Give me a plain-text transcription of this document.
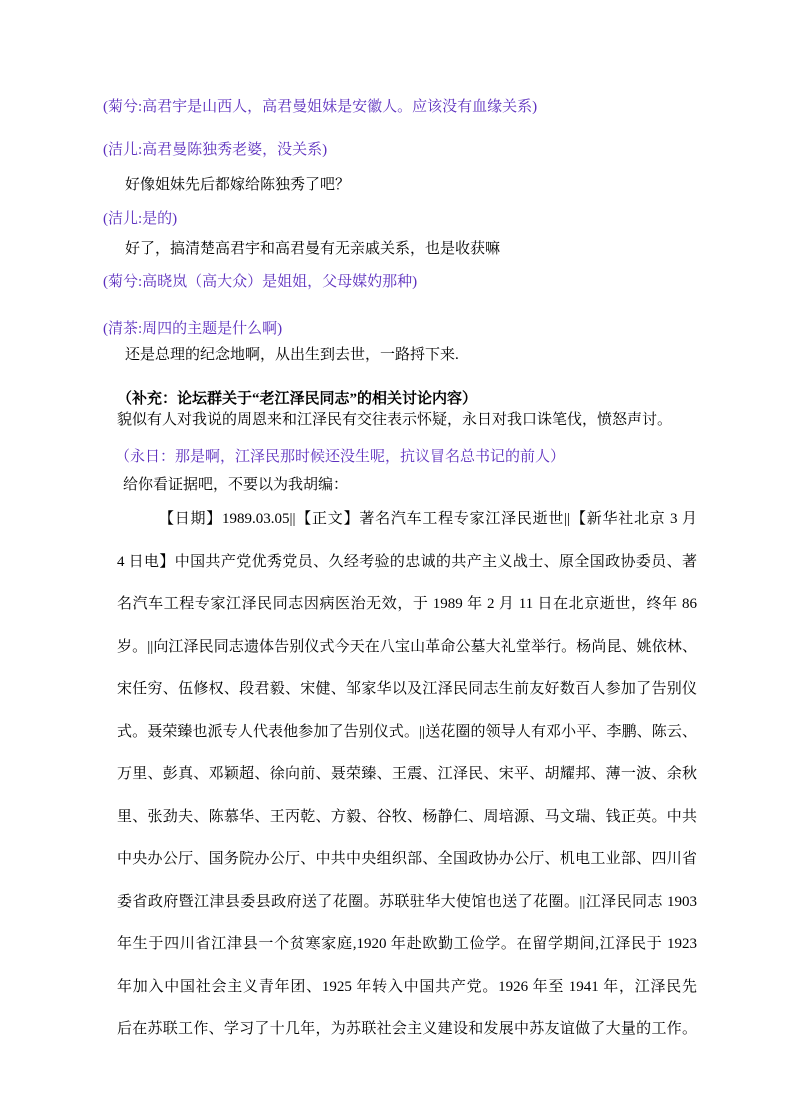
(菊兮:高君宇是山西人，高君曼姐妹是安徽人。应该没有血缘关系)
(洁儿:高君曼陈独秀老婆，没关系)
好像姐妹先后都嫁给陈独秀了吧？
(洁儿:是的)
好了，搞清楚高君宇和高君曼有无亲戚关系，也是收获嘛
(菊兮:高晓岚（高大众）是姐姐，父母媒妁那种)
(清茶:周四的主题是什么啊)
还是总理的纪念地啊，从出生到去世，一路捋下来.
（补充：论坛群关于“老江泽民同志”的相关讨论内容）
貌似有人对我说的周恩来和江泽民有交往表示怀疑，永日对我口诛笔伐，愤怒声讨。
（永日：那是啊，江泽民那时候还没生呢，抗议冒名总书记的前人）
给你看证据吧，不要以为我胡编：
【日期】1989.03.05||【正文】著名汽车工程专家江泽民逝世||【新华社北京 3 月
4 日电】中国共产党优秀党员、久经考验的忠诚的共产主义战士、原全国政协委员、著
名汽车工程专家江泽民同志因病医治无效，于 1989 年 2 月 11 日在北京逝世，终年 86
岁。||向江泽民同志遗体告别仪式今天在八宝山革命公墓大礼堂举行。杨尚昆、姚依林、
宋任穷、伍修权、段君毅、宋健、邹家华以及江泽民同志生前友好数百人参加了告别仪
式。聂荣臻也派专人代表他参加了告别仪式。||送花圈的领导人有邓小平、李鹏、陈云、
万里、彭真、邓颖超、徐向前、聂荣臻、王震、江泽民、宋平、胡耀邦、薄一波、余秋
里、张劲夫、陈慕华、王丙乾、方毅、谷牧、杨静仁、周培源、马文瑞、钱正英。中共
中央办公厅、国务院办公厅、中共中央组织部、全国政协办公厅、机电工业部、四川省
委省政府暨江津县委县政府送了花圈。苏联驻华大使馆也送了花圈。||江泽民同志 1903
年生于四川省江津县一个贫寒家庭,1920 年赴欧勤工俭学。在留学期间,江泽民于 1923
年加入中国社会主义青年团、1925 年转入中国共产党。1926 年至 1941 年，江泽民先
后在苏联工作、学习了十几年，为苏联社会主义建设和发展中苏友谊做了大量的工作。
